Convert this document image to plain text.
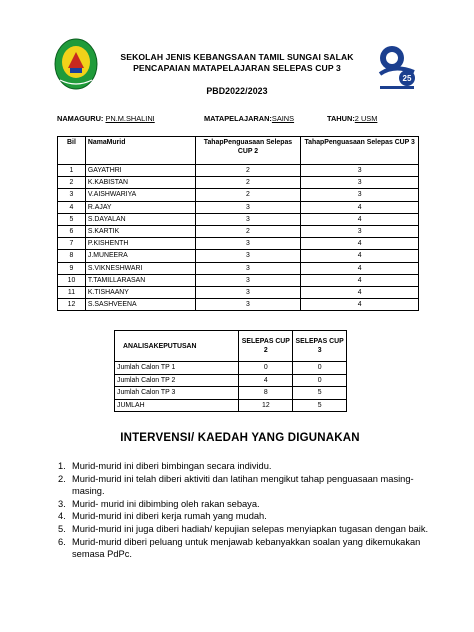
25
SEKOLAH JENIS KEBANGSAAN TAMIL SUNGAI SALAK
PENCAPAIAN MATAPELAJARAN SELEPAS CUP 3
PBD2022/2023
NAMAGURU: PN.M.SHALINI	MATAPELAJARAN:SAINS	TAHUN:2 USM
Bil	NamaMurid	TahapPenguasaan Selepas CUP 2	TahapPenguasaan Selepas CUP 3
1	GAYATHRI	2	3
2	K.KABISTAN	2	3
3	V.AISHWARIYA	2	3
4	R.AJAY	3	4
5	S.DAYALAN	3	4
6	S.KARTIK	2	3
7	P.KISHENTH	3	4
8	J.MUNEERA	3	4
9	S.VIKNESHWARI	3	4
10	T.TAMILLARASAN	3	4
11	K.TISHAANY	3	4
12	S.SASHVEENA	3	4
ANALISAKEPUTUSAN	SELEPAS CUP 2	SELEPAS CUP 3
Jumlah Calon TP 1	0	0
Jumlah Calon TP 2	4	0
Jumlah Calon TP 3	8	5
JUMLAH	12	5
INTERVENSI/ KAEDAH YANG DIGUNAKAN
1. Murid-murid ini diberi bimbingan secara individu.
2. Murid-murid ini telah diberi aktiviti dan latihan mengikut tahap penguasaan masing-masing.
3. Murid- murid ini dibimbing oleh rakan sebaya.
4. Murid-murid ini diberi kerja rumah yang mudah.
5. Murid-murid ini juga diberi hadiah/ kepujian selepas menyiapkan tugasan dengan baik.
6. Murid-murid diberi peluang untuk menjawab kebanyakkan soalan yang dikemukakan semasa PdPc.
